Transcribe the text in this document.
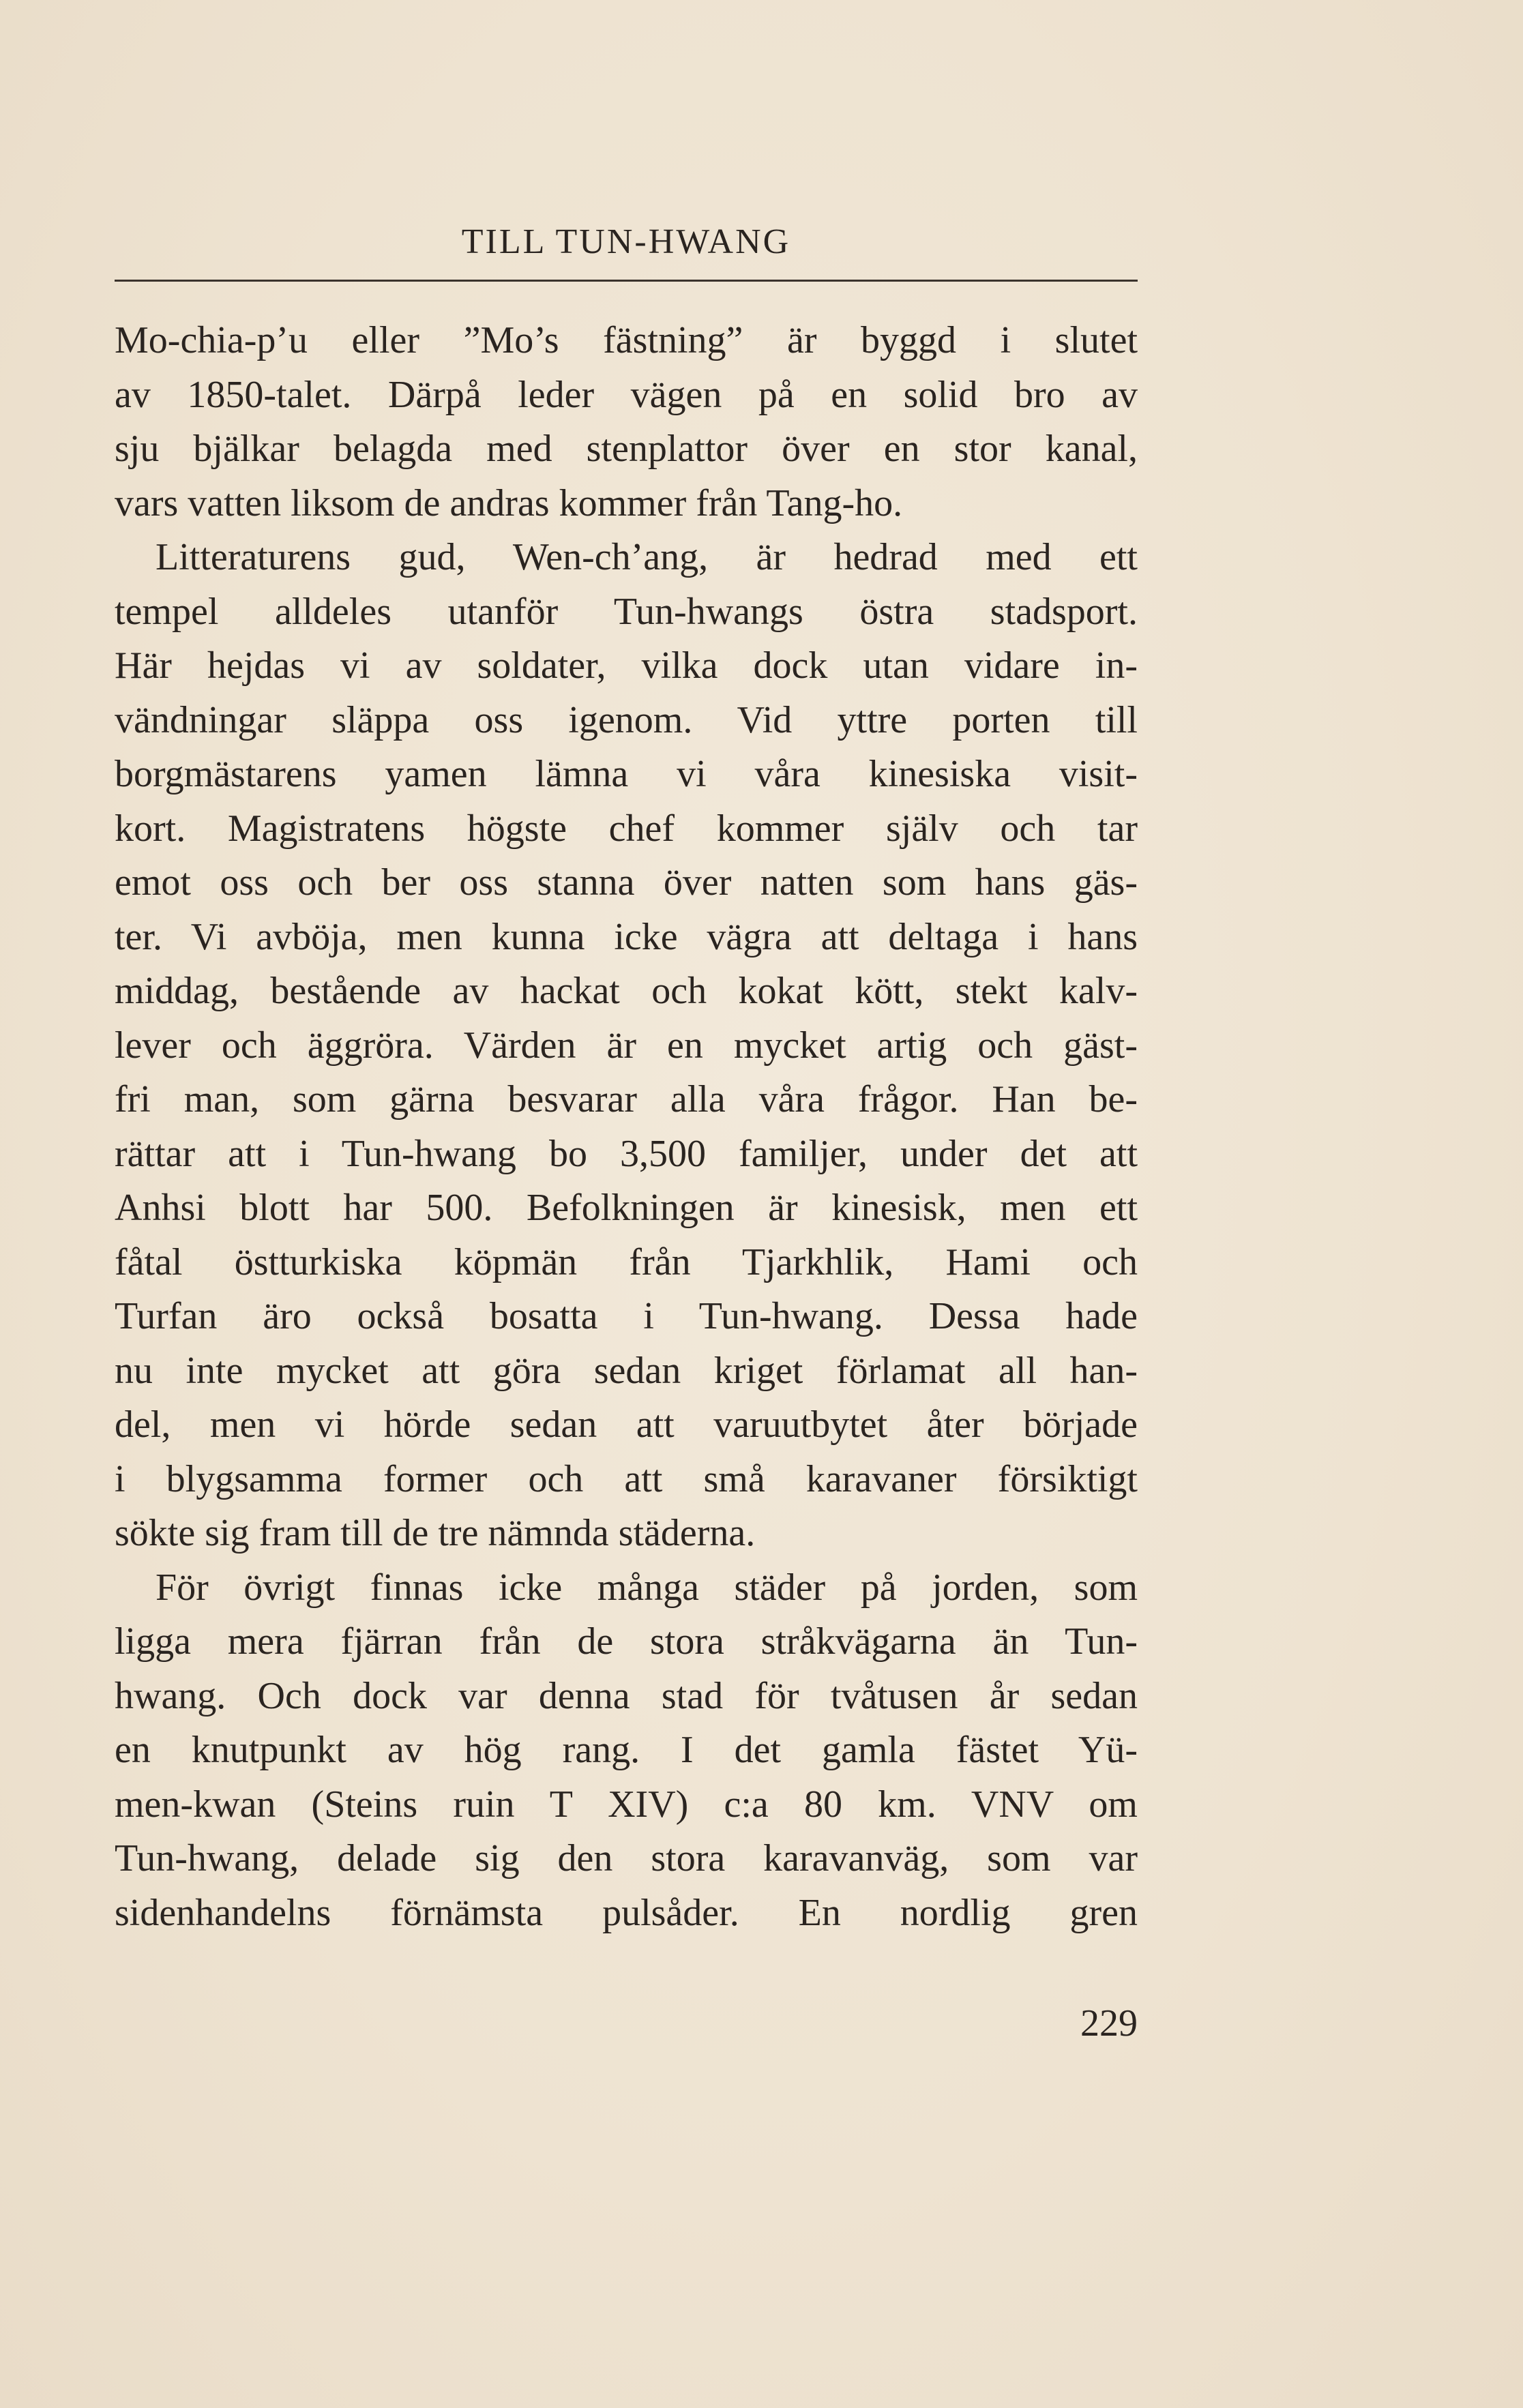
TILL TUN-HWANG
Mo-chia-p’u eller ”Mo’s fästning” är byggd i slutet
av 1850-talet. Därpå leder vägen på en solid bro av
sju bjälkar belagda med stenplattor över en stor kanal,
vars vatten liksom de andras kommer från Tang-ho.
Litteraturens gud, Wen-ch’ang, är hedrad med ett
tempel alldeles utanför Tun-hwangs östra stadsport.
Här hejdas vi av soldater, vilka dock utan vidare in-
vändningar släppa oss igenom. Vid yttre porten till
borgmästarens yamen lämna vi våra kinesiska visit-
kort. Magistratens högste chef kommer själv och tar
emot oss och ber oss stanna över natten som hans gäs-
ter. Vi avböja, men kunna icke vägra att deltaga i hans
middag, bestående av hackat och kokat kött, stekt kalv-
lever och äggröra. Värden är en mycket artig och gäst-
fri man, som gärna besvarar alla våra frågor. Han be-
rättar att i Tun-hwang bo 3,500 familjer, under det att
Anhsi blott har 500. Befolkningen är kinesisk, men ett
fåtal östturkiska köpmän från Tjarkhlik, Hami och
Turfan äro också bosatta i Tun-hwang. Dessa hade
nu inte mycket att göra sedan kriget förlamat all han-
del, men vi hörde sedan att varuutbytet åter började
i blygsamma former och att små karavaner försiktigt
sökte sig fram till de tre nämnda städerna.
För övrigt finnas icke många städer på jorden, som
ligga mera fjärran från de stora stråkvägarna än Tun-
hwang. Och dock var denna stad för tvåtusen år sedan
en knutpunkt av hög rang. I det gamla fästet Yü-
men-kwan (Steins ruin T XIV) c:a 80 km. VNV om
Tun-hwang, delade sig den stora karavanväg, som var
sidenhandelns förnämsta pulsåder. En nordlig gren
229
